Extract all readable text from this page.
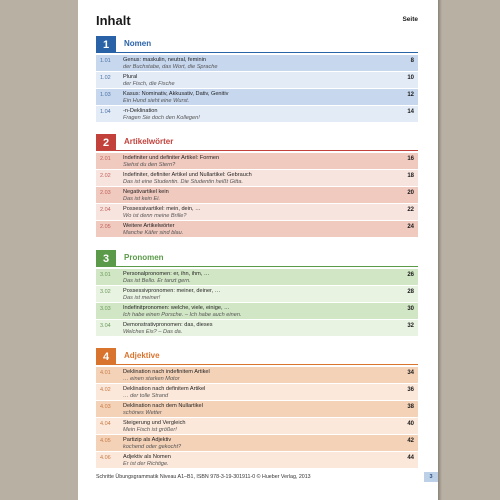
Inhalt	Seite
1	Nomen
1.01 Genus: maskulin, neutral, feminin
der Buchstabe, das Wort, die Sprache
8
1.02 Plural
der Fisch, die Fische
10
1.03 Kasus: Nominativ, Akkusativ, Dativ, Genitiv
Ein Hund sieht eine Wurst.
12
1.04 -n-Deklination
Fragen Sie doch den Kollegen!
14
2	Artikelwörter
2.01 Indefiniter und definiter Artikel: Formen
Siehst du den Stern?
16
2.02 Indefiniter, definiter Artikel und Nullartikel: Gebrauch
Das ist eine Studentin. Die Studentin heißt Gitta.
18
2.03 Negativartikel kein
Das ist kein Ei.
20
2.04 Possessivartikel: mein, dein, …
Wo ist denn meine Brille?
22
2.05 Weitere Artikelwörter
Manche Käfer sind blau.
24
3	Pronomen
3.01 Personalpronomen: er, ihn, ihm, …
Das ist Bello. Er tanzt gern.
26
3.02 Possessivpronomen: meiner, deiner, …
Das ist meiner!
28
3.03 Indefinitpronomen: welche, viele, einige, …
Ich habe einen Porsche. – Ich habe auch einen.
30
3.04 Demonstrativpronomen: das, dieses
Welches Eis? – Das da.
32
4	Adjektive
4.01 Deklination nach indefinitem Artikel
… einen starken Motor
34
4.02 Deklination nach definitem Artikel
… der tolle Strand
36
4.03 Deklination nach dem Nullartikel
schönes Wetter
38
4.04 Steigerung und Vergleich
Mein Fisch ist größer!
40
4.05 Partizip als Adjektiv
kochend oder gekocht?
42
4.06 Adjektiv als Nomen
Er ist der Richtige.
44
Schritte Übungsgrammatik Niveau A1–B1, ISBN 978-3-19-301911-0 © Hueber Verlag, 2013	3
